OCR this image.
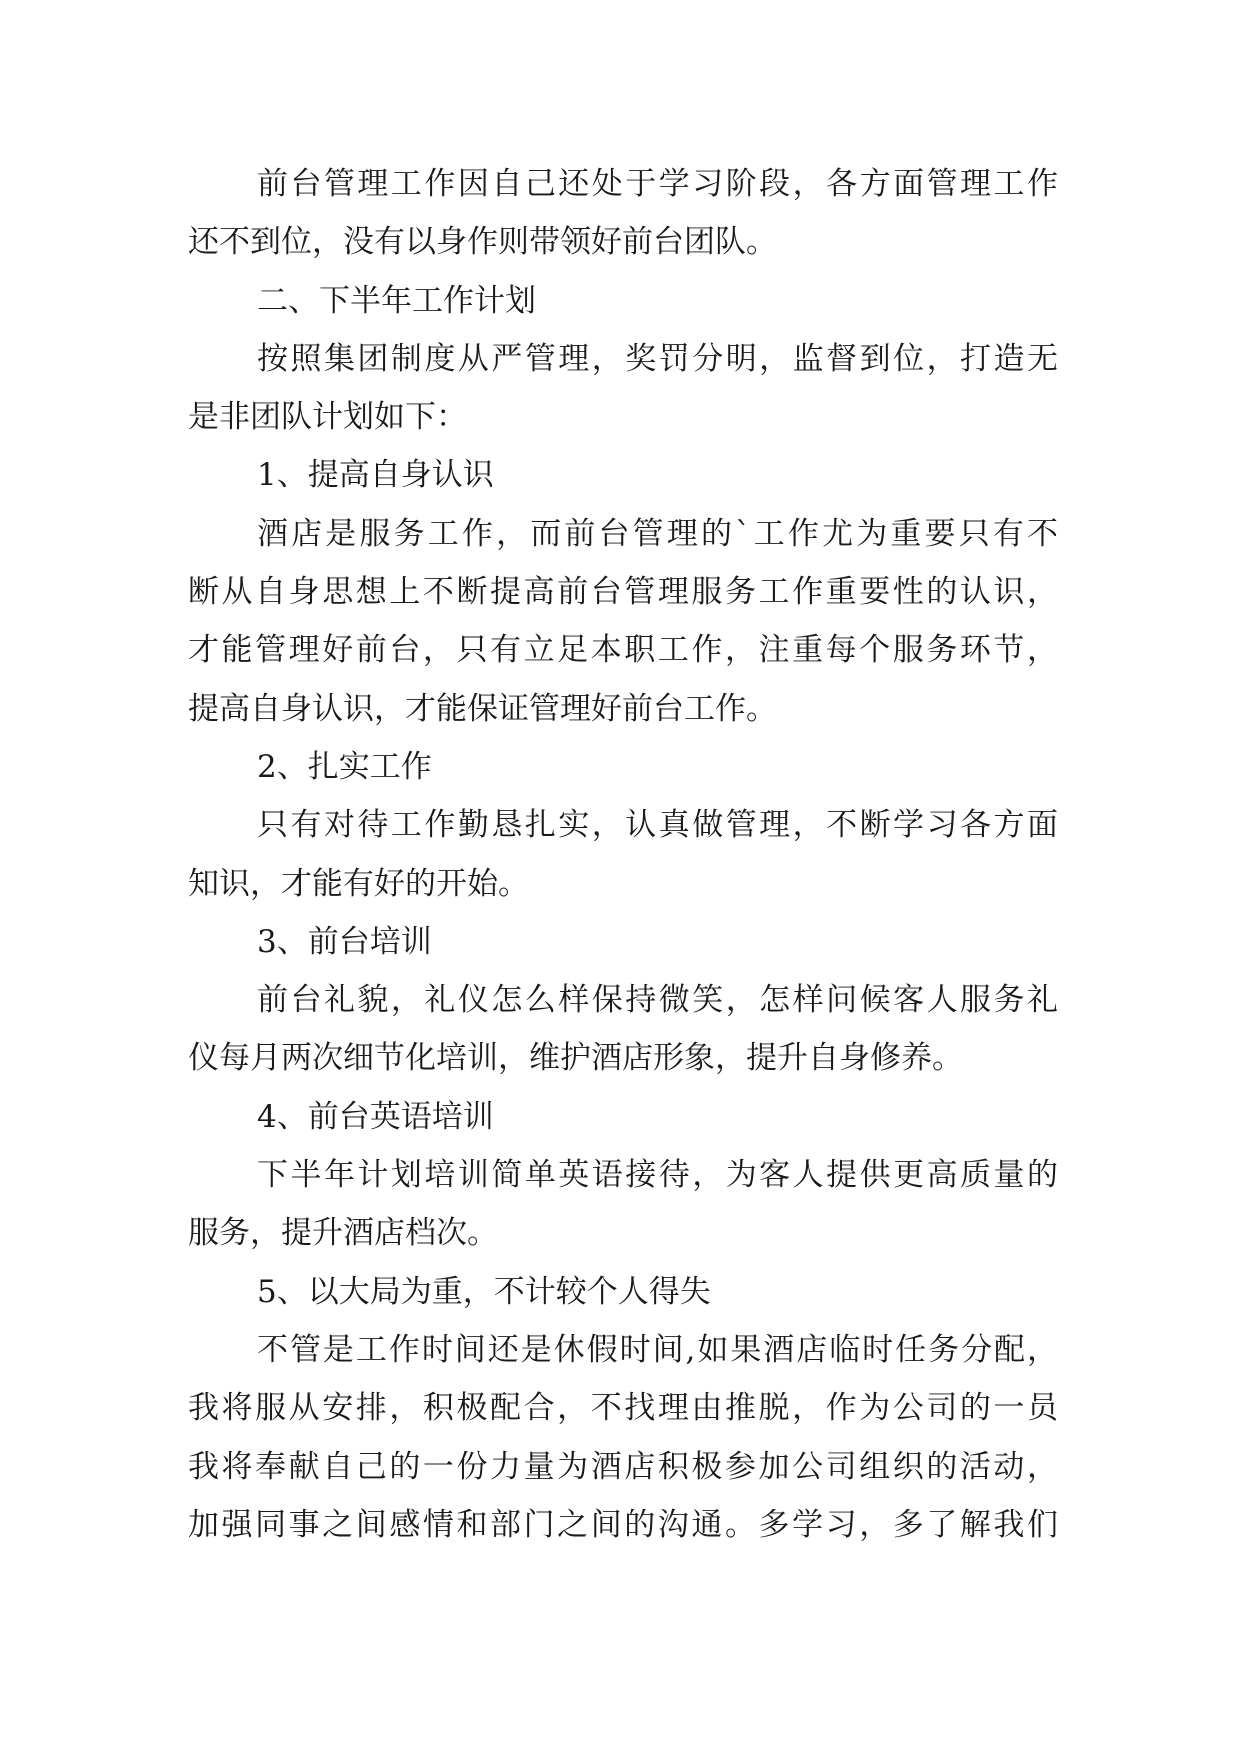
前台管理工作因自己还处于学习阶段，各方面管理工作
还不到位，没有以身作则带领好前台团队。
二、下半年工作计划
按照集团制度从严管理，奖罚分明，监督到位，打造无
是非团队计划如下：
1、提高自身认识
酒店是服务工作，而前台管理的`工作尤为重要只有不
断从自身思想上不断提高前台管理服务工作重要性的认识，
才能管理好前台，只有立足本职工作，注重每个服务环节，
提高自身认识，才能保证管理好前台工作。
2、扎实工作
只有对待工作勤恳扎实，认真做管理，不断学习各方面
知识，才能有好的开始。
3、前台培训
前台礼貌，礼仪怎么样保持微笑，怎样问候客人服务礼
仪每月两次细节化培训，维护酒店形象，提升自身修养。
4、前台英语培训
下半年计划培训简单英语接待，为客人提供更高质量的
服务，提升酒店档次。
5、以大局为重，不计较个人得失
不管是工作时间还是休假时间,如果酒店临时任务分配，
我将服从安排，积极配合，不找理由推脱，作为公司的一员
我将奉献自己的一份力量为酒店积极参加公司组织的活动，
加强同事之间感情和部门之间的沟通。多学习，多了解我们
